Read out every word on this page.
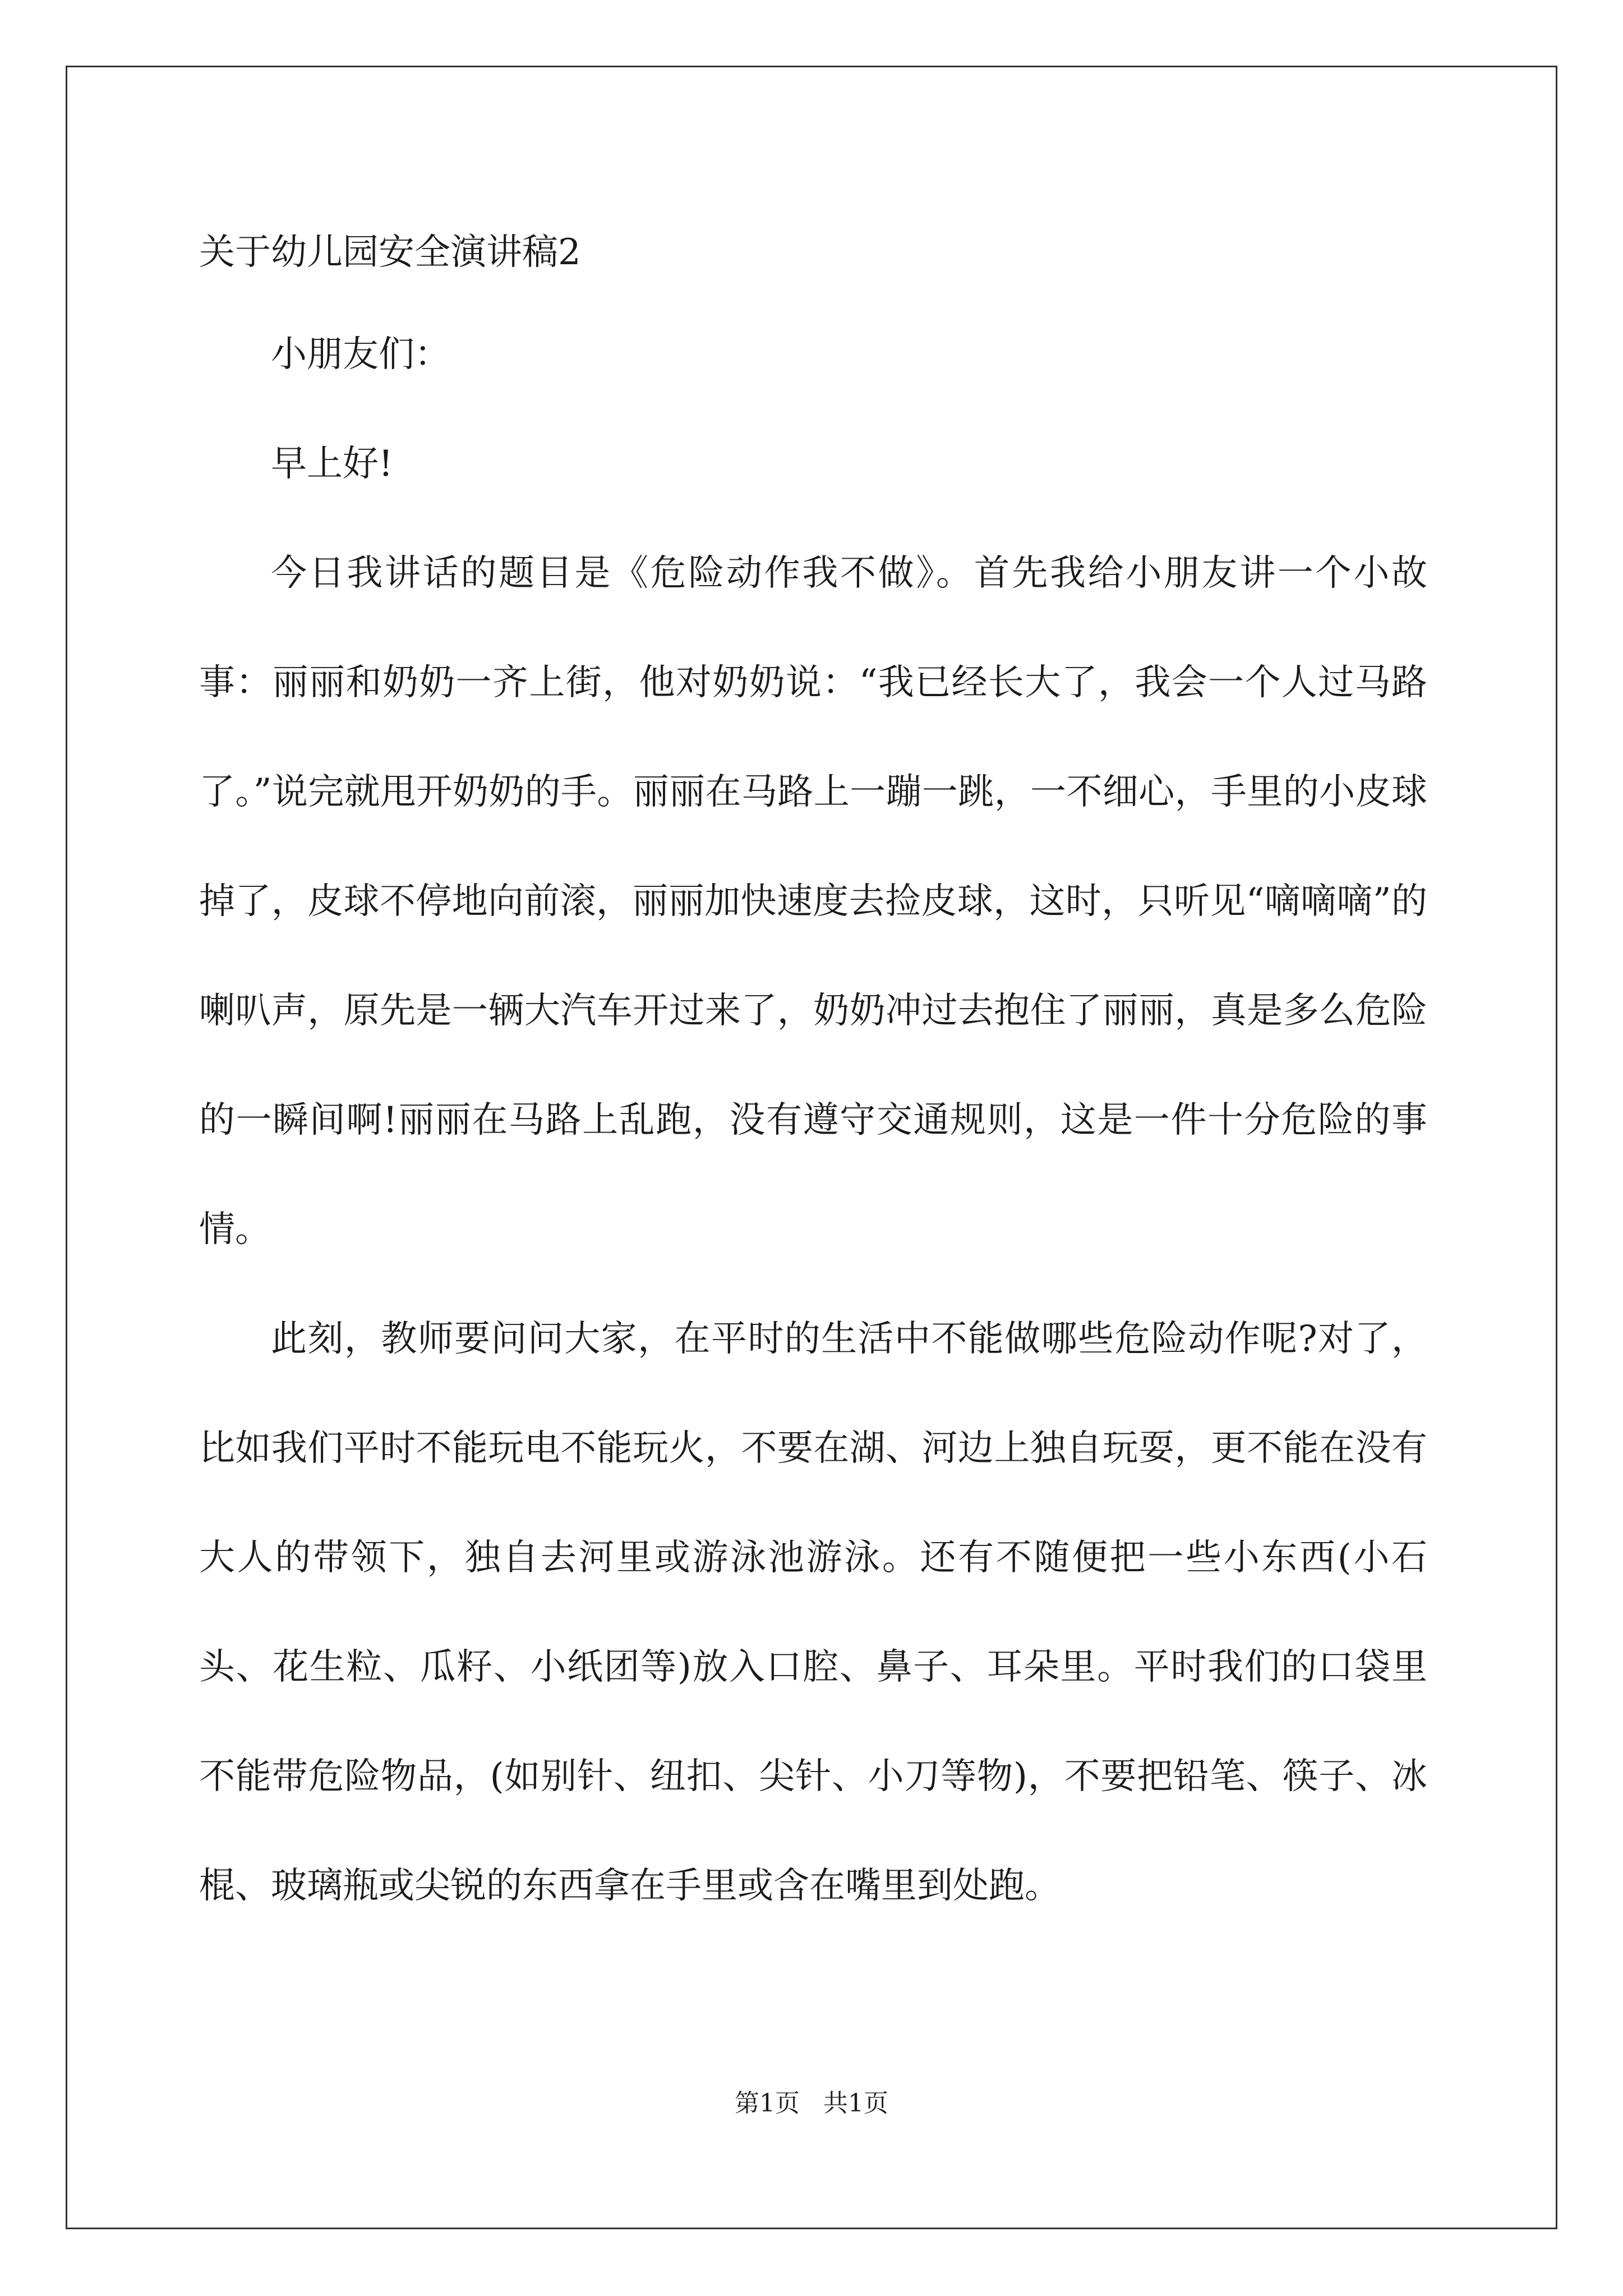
关于幼儿园安全演讲稿2

小朋友们：

早上好!

今日我讲话的题目是《危险动作我不做》。首先我给小朋友讲一个小故事：丽丽和奶奶一齐上街，他对奶奶说：“我已经长大了，我会一个人过马路了。”说完就甩开奶奶的手。丽丽在马路上一蹦一跳，一不细心，手里的小皮球掉了，皮球不停地向前滚，丽丽加快速度去捡皮球，这时，只听见“嘀嘀嘀”的喇叭声，原先是一辆大汽车开过来了，奶奶冲过去抱住了丽丽，真是多么危险的一瞬间啊!丽丽在马路上乱跑，没有遵守交通规则，这是一件十分危险的事情。

此刻，教师要问问大家，在平时的生活中不能做哪些危险动作呢?对了，比如我们平时不能玩电不能玩火，不要在湖、河边上独自玩耍，更不能在没有大人的带领下，独自去河里或游泳池游泳。还有不随便把一些小东西(小石头、花生粒、瓜籽、小纸团等)放入口腔、鼻子、耳朵里。平时我们的口袋里不能带危险物品，(如别针、纽扣、尖针、小刀等物)，不要把铅笔、筷子、冰棍、玻璃瓶或尖锐的东西拿在手里或含在嘴里到处跑。

第1页   共1页
